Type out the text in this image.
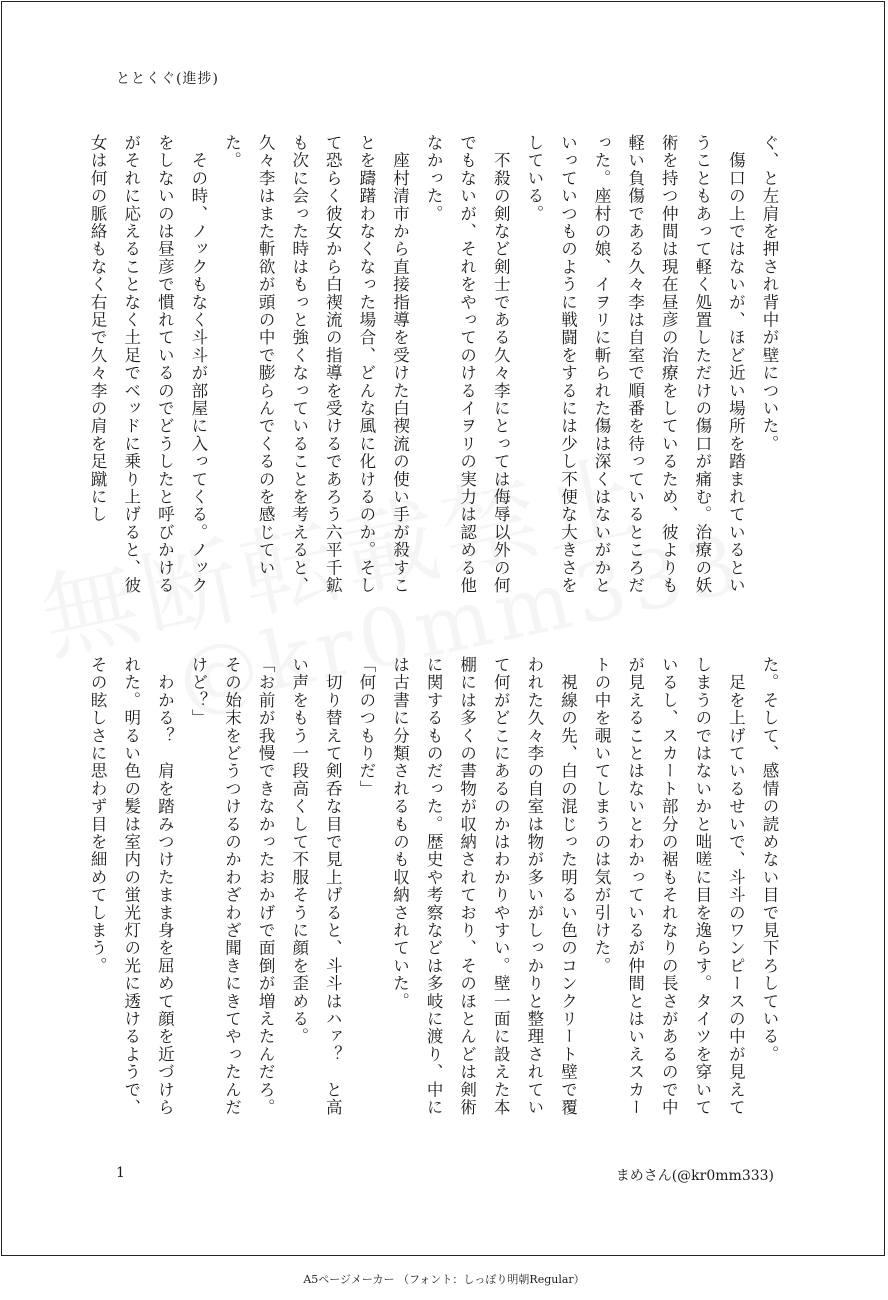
ととくぐ(進捗)

ぐ、と左肩を押され背中が壁についた。

　傷口の上ではないが、ほど近い場所を踏まれているということもあって軽く処置しただけの傷口が痛む。治療の妖術を持つ仲間は現在昼彦の治療をしているため、彼よりも軽い負傷である久々李は自室で順番を待っているところだった。座村の娘、イヲリに斬られた傷は深くはないがかといっていつものように戦闘をするには少し不便な大きさをしている。

　不殺の剣など剣士である久々李にとっては侮辱以外の何でもないが、それをやってのけるイヲリの実力は認める他なかった。

　座村清市から直接指導を受けた白禊流の使い手が殺すことを躊躇わなくなった場合、どんな風に化けるのか。そして恐らく彼女から白禊流の指導を受けるであろう六平千鉱も次に会った時はもっと強くなっていることを考えると、久々李はまた斬欲が頭の中で膨らんでくるのを感じていた。

　その時、ノックもなく斗斗が部屋に入ってくる。ノックをしないのは昼彦で慣れているのでどうしたと呼びかけるがそれに応えることなく土足でベッドに乗り上げると、彼女は何の脈絡もなく右足で久々李の肩を足蹴にし

た。そして、感情の読めない目で見下ろしている。

　足を上げているせいで、斗斗のワンピースの中が見えてしまうのではないかと咄嗟に目を逸らす。タイツを穿いているし、スカート部分の裾もそれなりの長さがあるので中が見えることはないとわかっているが仲間とはいえスカートの中を覗いてしまうのは気が引けた。

　視線の先、白の混じった明るい色のコンクリート壁で覆われた久々李の自室は物が多いがしっかりと整理されていて何がどこにあるのかはわかりやすい。壁一面に設えた本棚には多くの書物が収納されており、そのほとんどは剣術に関するものだった。歴史や考察などは多岐に渡り、中には古書に分類されるものも収納されていた。

「何のつもりだ」

　切り替えて剣呑な目で見上げると、斗斗はハァ？　と高い声をもう一段高くして不服そうに顔を歪める。

「お前が我慢できなかったおかげで面倒が増えたんだろ。その始末をどうつけるのかわざわざ聞きにきてやったんだけど？」

　わかる？　肩を踏みつけたまま身を屈めて顔を近づけられた。明るい色の髪は室内の蛍光灯の光に透けるようで、その眩しさに思わず目を細めてしまう。

1	まめさん(@kr0mm333)
A5ページメーカー （フォント：しっぽり明朝Regular）
